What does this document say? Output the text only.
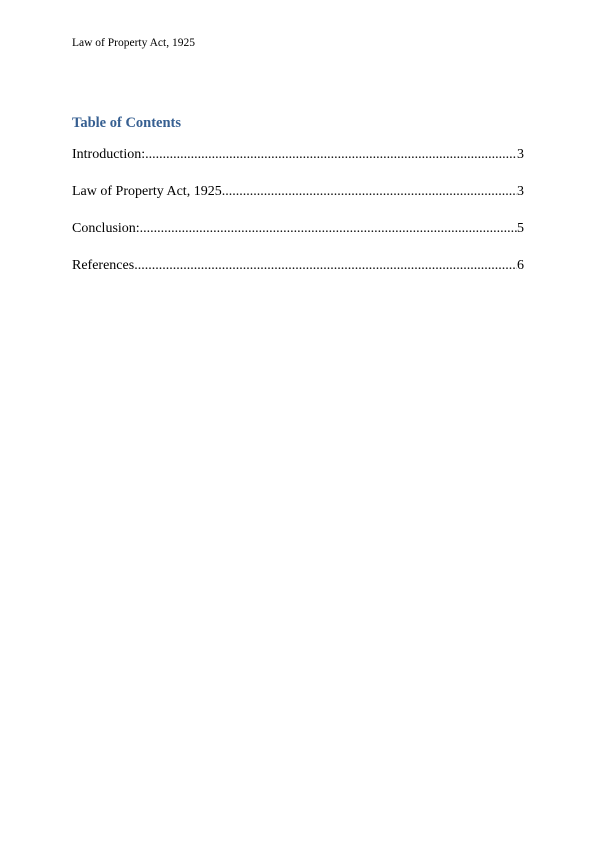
Law of Property Act, 1925
Table of Contents
Introduction: .....	3
Law of Property Act, 1925 .....	3
Conclusion: .....	5
References .....	6
